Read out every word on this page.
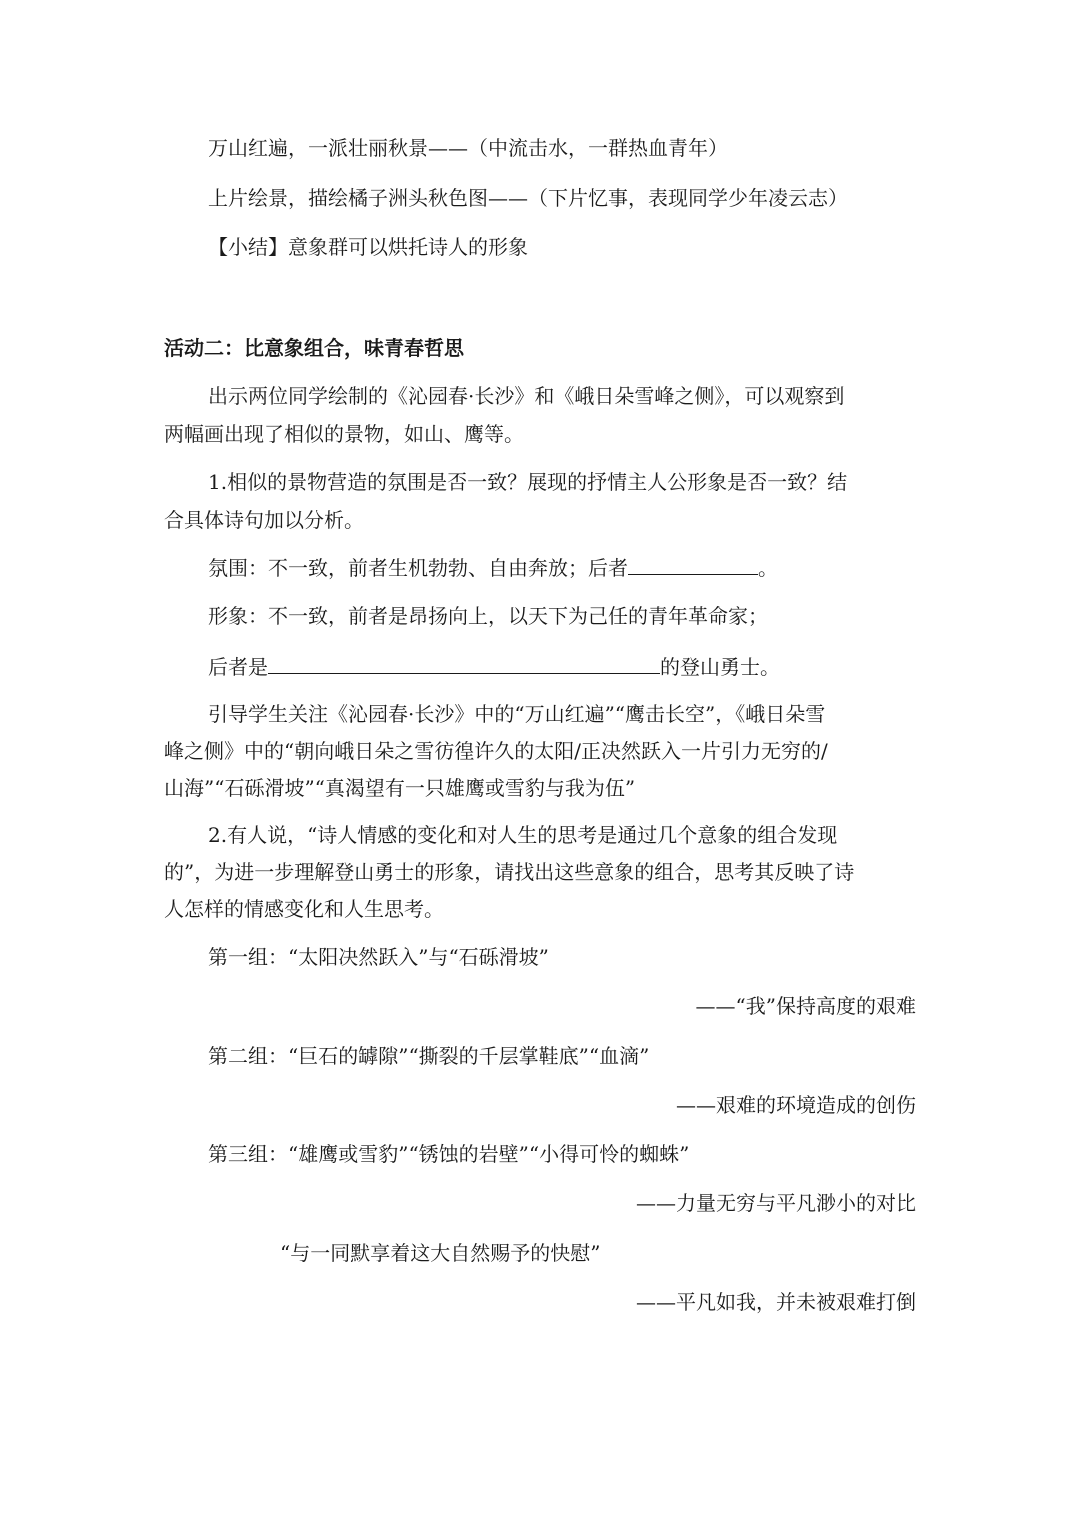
万山红遍，一派壮丽秋景——（中流击水，一群热血青年）
上片绘景，描绘橘子洲头秋色图——（下片忆事，表现同学少年凌云志）
【小结】意象群可以烘托诗人的形象
活动二：比意象组合，味青春哲思
出示两位同学绘制的《沁园春·长沙》和《峨日朵雪峰之侧》，可以观察到
两幅画出现了相似的景物，如山、鹰等。
1.相似的景物营造的氛围是否一致？展现的抒情主人公形象是否一致？结
合具体诗句加以分析。
氛围：不一致，前者生机勃勃、自由奔放；后者	。
形象：不一致，前者是昂扬向上，以天下为己任的青年革命家；
后者是	的登山勇士。
引导学生关注《沁园春·长沙》中的“万山红遍”“鹰击长空”，《峨日朵雪
峰之侧》中的“朝向峨日朵之雪彷徨许久的太阳/正决然跃入一片引力无穷的/
山海”“石砾滑坡”“真渴望有一只雄鹰或雪豹与我为伍”
2.有人说，“诗人情感的变化和对人生的思考是通过几个意象的组合发现
的”，为进一步理解登山勇士的形象，请找出这些意象的组合，思考其反映了诗
人怎样的情感变化和人生思考。
第一组：“太阳决然跃入”与“石砾滑坡”
——“我”保持高度的艰难
第二组：“巨石的罅隙”“撕裂的千层掌鞋底”“血滴”
——艰难的环境造成的创伤
第三组：“雄鹰或雪豹”“锈蚀的岩壁”“小得可怜的蜘蛛”
——力量无穷与平凡渺小的对比
“与一同默享着这大自然赐予的快慰”
——平凡如我，并未被艰难打倒
